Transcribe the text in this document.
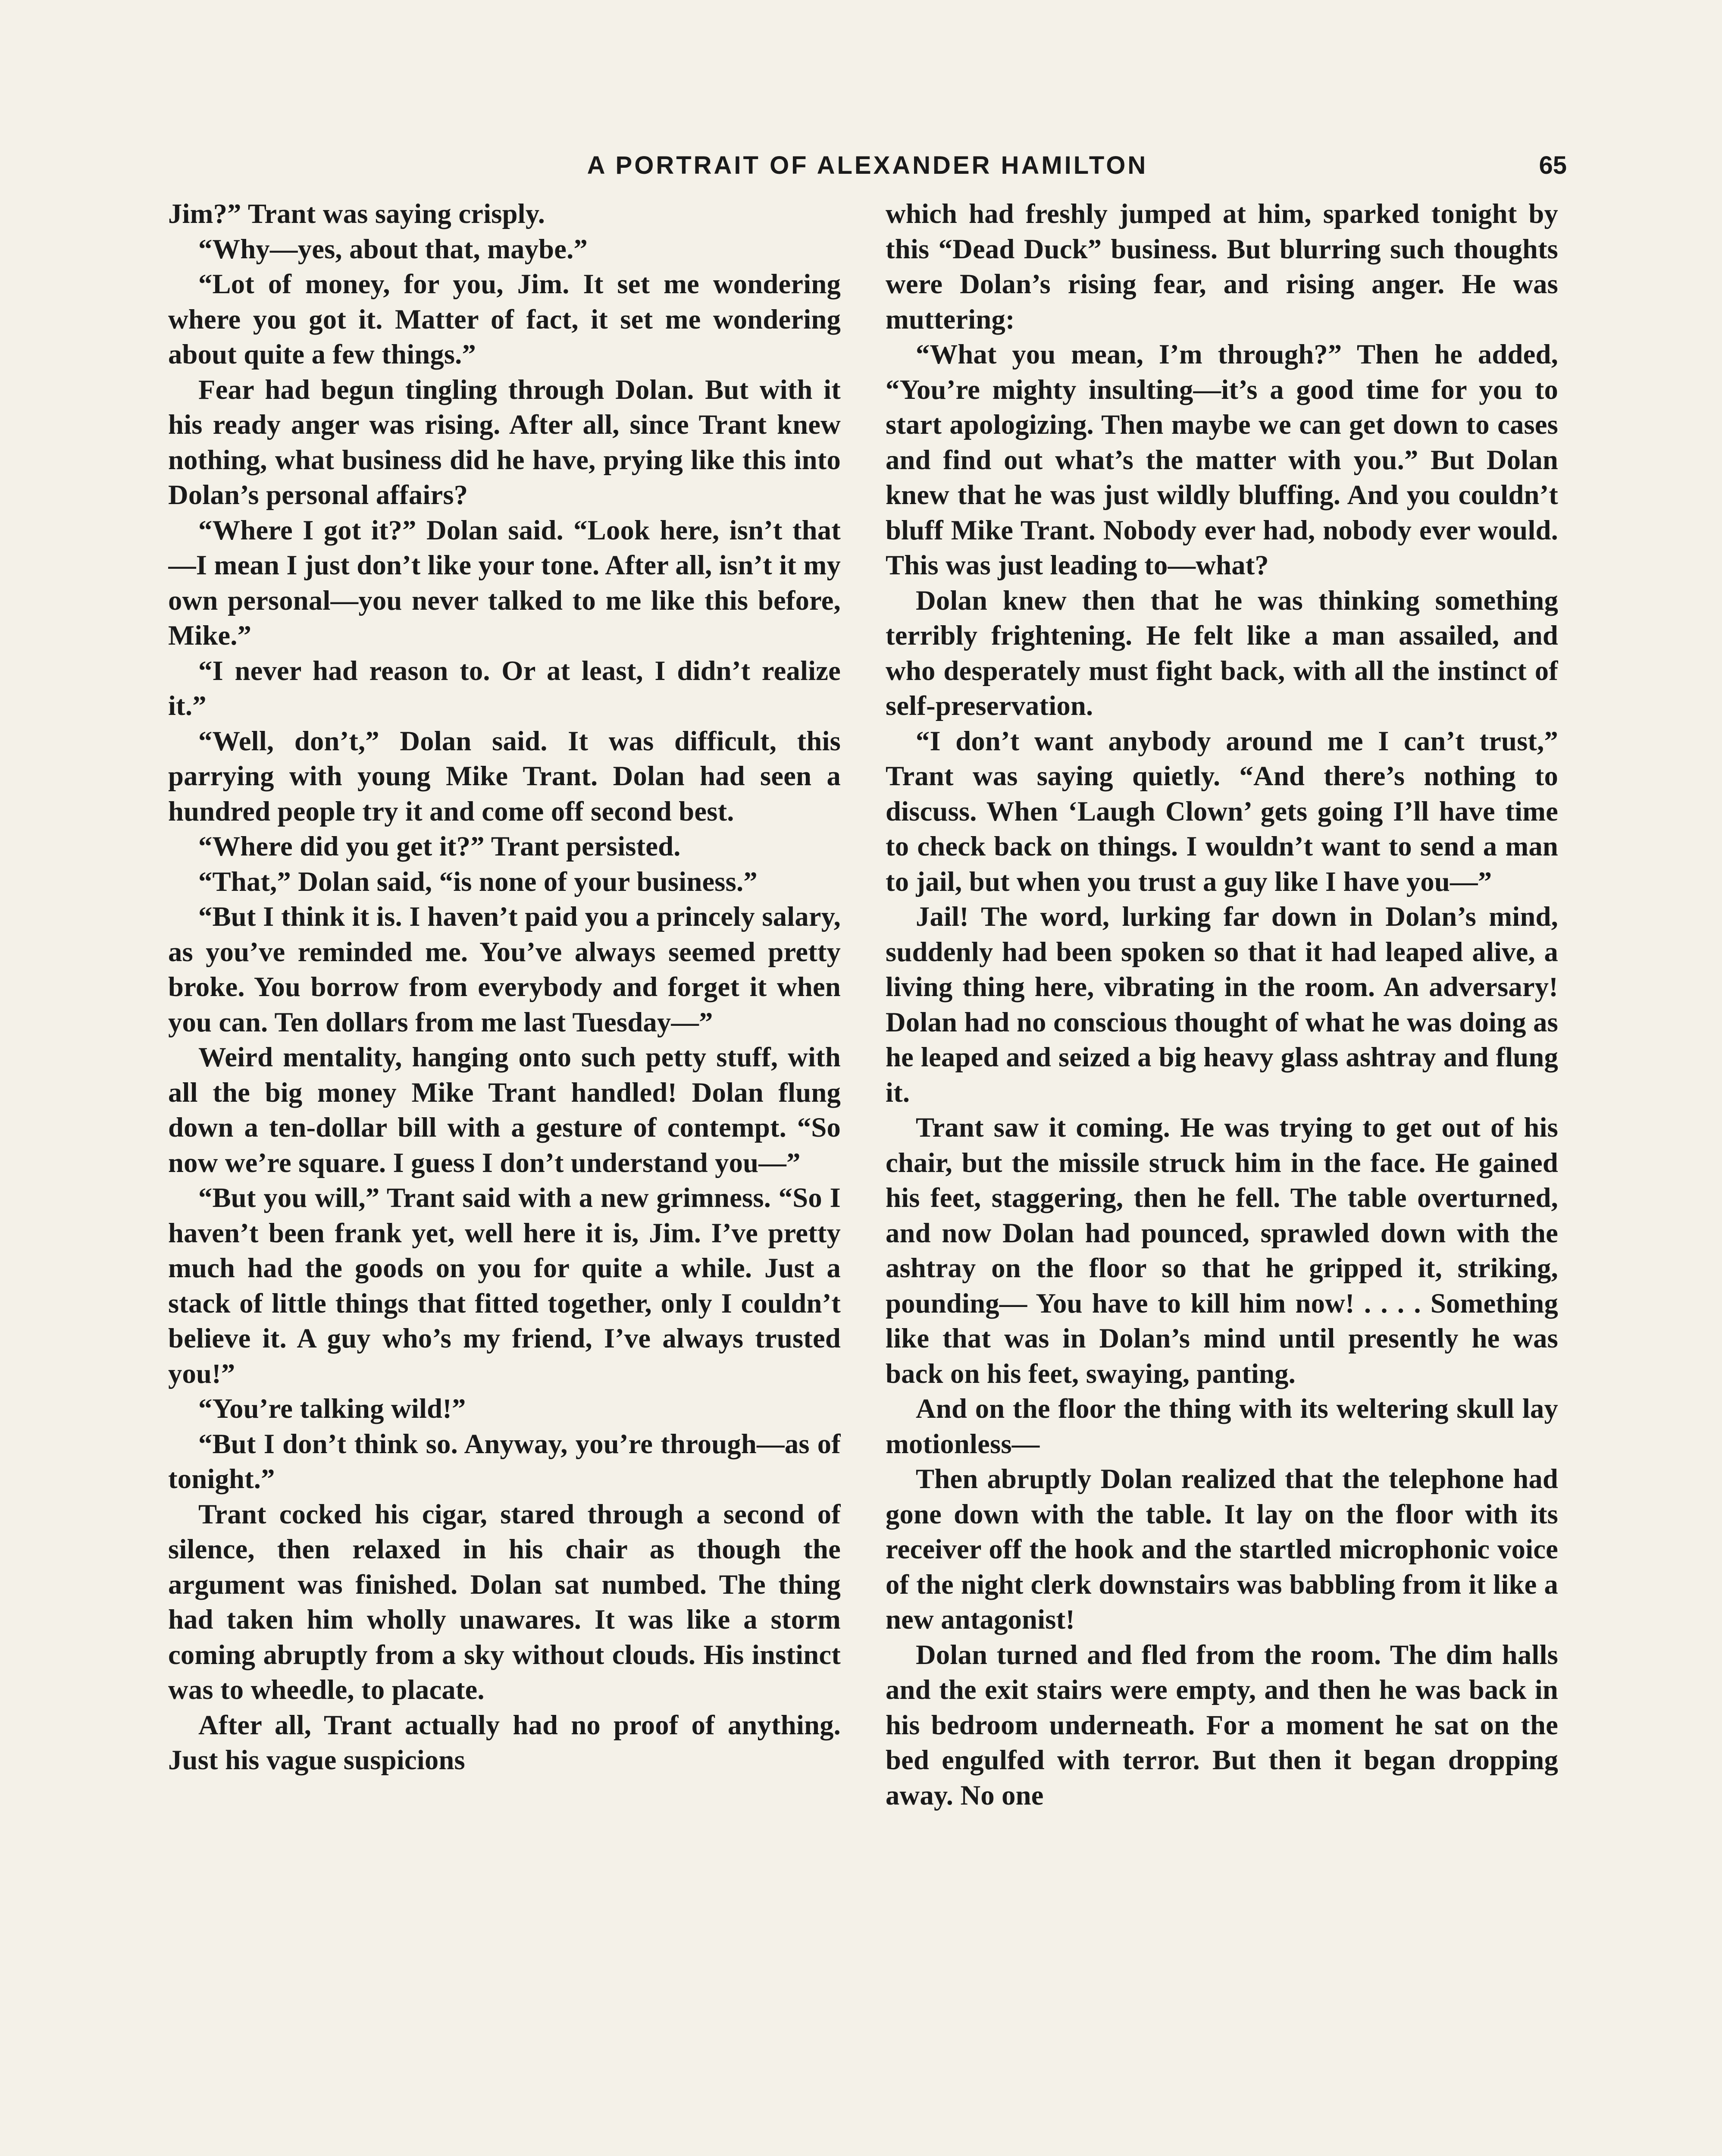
A PORTRAIT OF ALEXANDER HAMILTON	65

Jim?” Trant was saying crisply.

“Why—yes, about that, maybe.”

“Lot of money, for you, Jim. It set me wondering where you got it. Matter of fact, it set me wondering about quite a few things.”

Fear had begun tingling through Dolan. But with it his ready anger was rising. After all, since Trant knew nothing, what business did he have, prying like this into Dolan’s personal affairs?

“Where I got it?” Dolan said. “Look here, isn’t that—I mean I just don’t like your tone. After all, isn’t it my own personal—you never talked to me like this before, Mike.”

“I never had reason to. Or at least, I didn’t realize it.”

“Well, don’t,” Dolan said. It was difficult, this parrying with young Mike Trant. Dolan had seen a hundred people try it and come off second best.

“Where did you get it?” Trant persisted.

“That,” Dolan said, “is none of your business.”

“But I think it is. I haven’t paid you a princely salary, as you’ve reminded me. You’ve always seemed pretty broke. You borrow from everybody and forget it when you can. Ten dollars from me last Tuesday—”

Weird mentality, hanging onto such petty stuff, with all the big money Mike Trant handled! Dolan flung down a ten-dollar bill with a gesture of contempt. “So now we’re square. I guess I don’t understand you—”

“But you will,” Trant said with a new grimness. “So I haven’t been frank yet, well here it is, Jim. I’ve pretty much had the goods on you for quite a while. Just a stack of little things that fitted together, only I couldn’t believe it. A guy who’s my friend, I’ve always trusted you!”

“You’re talking wild!”

“But I don’t think so. Anyway, you’re through—as of tonight.”

Trant cocked his cigar, stared through a second of silence, then relaxed in his chair as though the argument was finished. Dolan sat numbed. The thing had taken him wholly unawares. It was like a storm coming abruptly from a sky without clouds. His instinct was to wheedle, to placate.

After all, Trant actually had no proof of anything. Just his vague suspicions

which had freshly jumped at him, sparked tonight by this “Dead Duck” business. But blurring such thoughts were Dolan’s rising fear, and rising anger. He was muttering:

“What you mean, I’m through?” Then he added, “You’re mighty insulting—it’s a good time for you to start apologizing. Then maybe we can get down to cases and find out what’s the matter with you.” But Dolan knew that he was just wildly bluffing. And you couldn’t bluff Mike Trant. Nobody ever had, nobody ever would. This was just leading to—what?

Dolan knew then that he was thinking something terribly frightening. He felt like a man assailed, and who desperately must fight back, with all the instinct of self-preservation.

“I don’t want anybody around me I can’t trust,” Trant was saying quietly. “And there’s nothing to discuss. When ‘Laugh Clown’ gets going I’ll have time to check back on things. I wouldn’t want to send a man to jail, but when you trust a guy like I have you—”

Jail! The word, lurking far down in Dolan’s mind, suddenly had been spoken so that it had leaped alive, a living thing here, vibrating in the room. An adversary! Dolan had no conscious thought of what he was doing as he leaped and seized a big heavy glass ashtray and flung it.

Trant saw it coming. He was trying to get out of his chair, but the missile struck him in the face. He gained his feet, staggering, then he fell. The table overturned, and now Dolan had pounced, sprawled down with the ashtray on the floor so that he gripped it, striking, pounding— You have to kill him now! . . . . Something like that was in Dolan’s mind until presently he was back on his feet, swaying, panting.

And on the floor the thing with its weltering skull lay motionless—

Then abruptly Dolan realized that the telephone had gone down with the table. It lay on the floor with its receiver off the hook and the startled microphonic voice of the night clerk downstairs was babbling from it like a new antagonist!

Dolan turned and fled from the room. The dim halls and the exit stairs were empty, and then he was back in his bedroom underneath. For a moment he sat on the bed engulfed with terror. But then it began dropping away. No one
